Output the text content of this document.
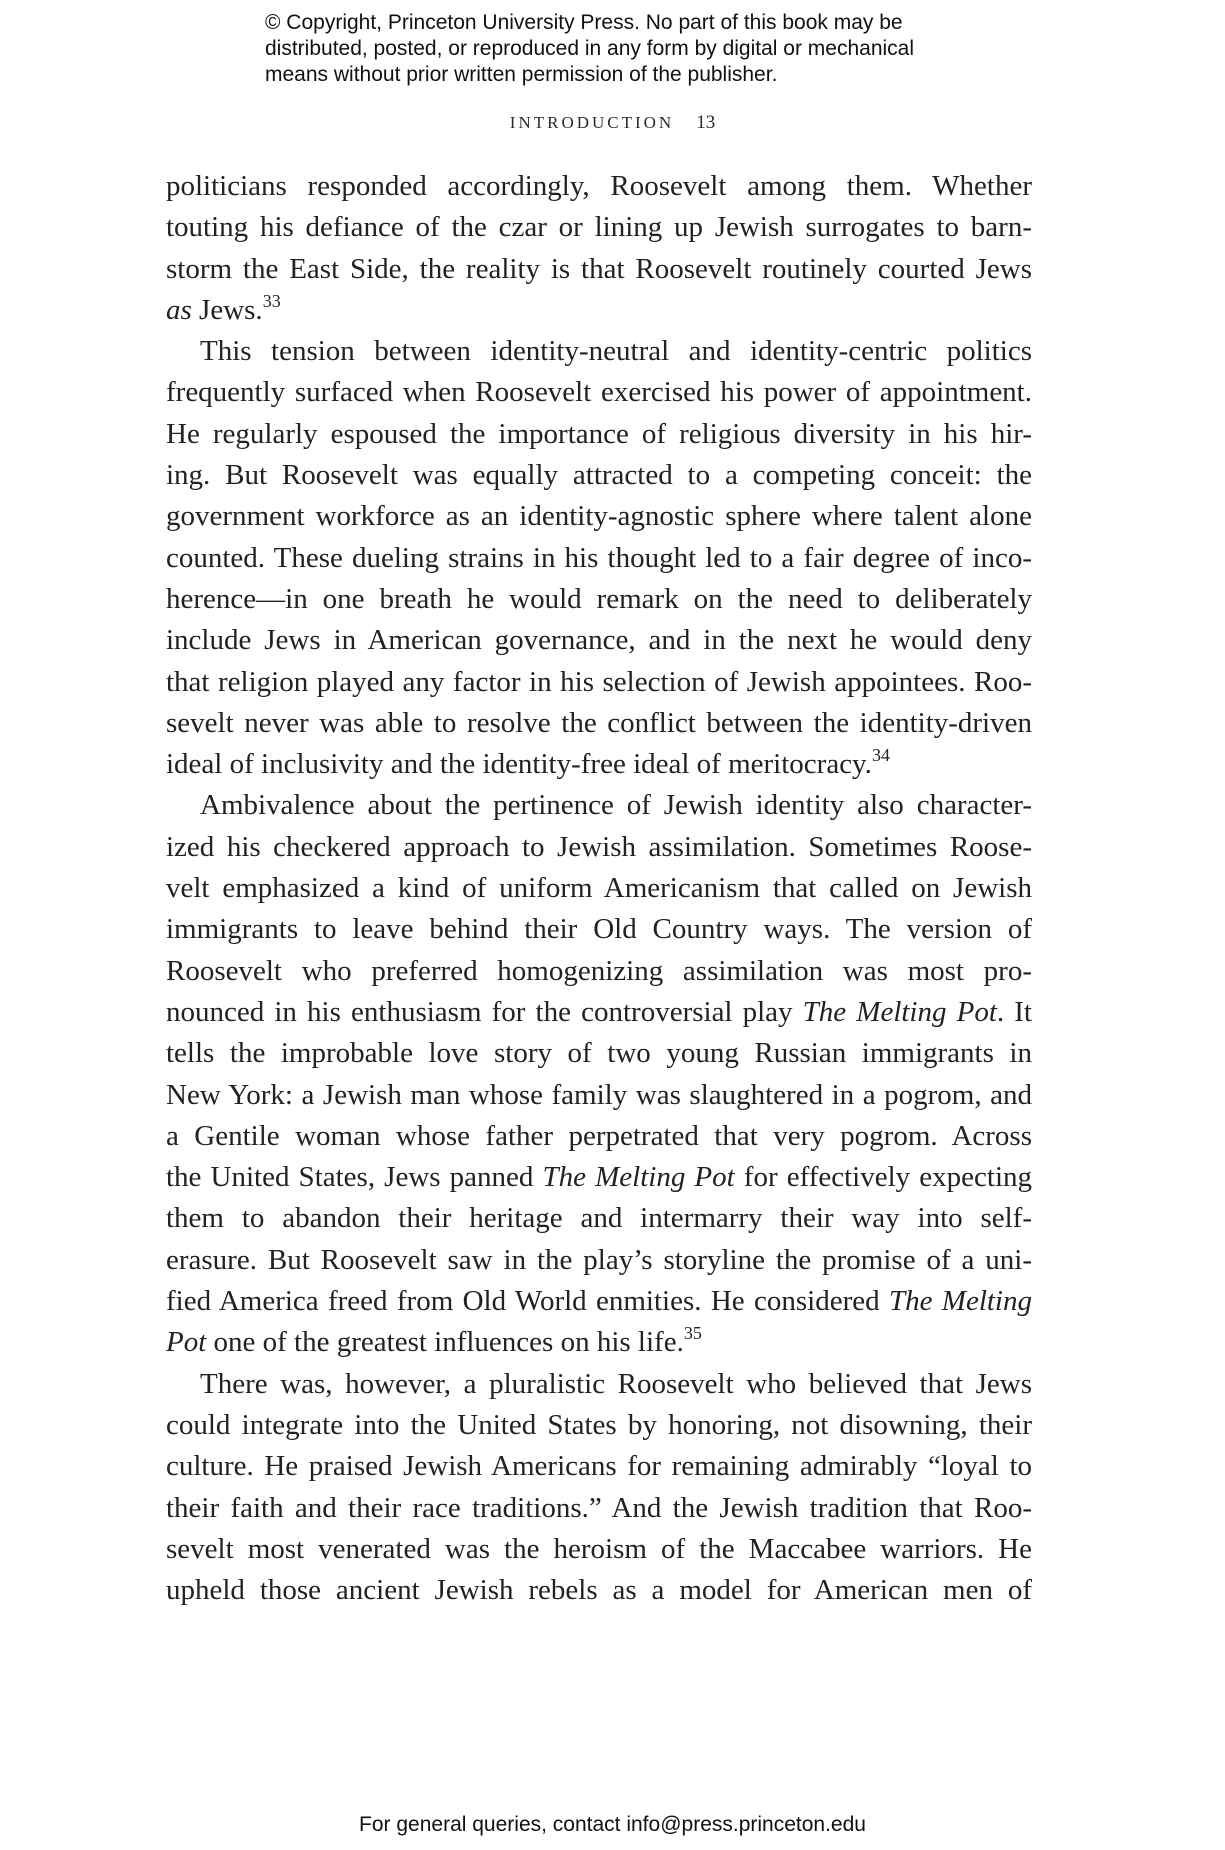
© Copyright, Princeton University Press. No part of this book may be
distributed, posted, or reproduced in any form by digital or mechanical
means without prior written permission of the publisher.
INTRODUCTION 13
politicians responded accordingly, Roosevelt among them. Whether
touting his defiance of the czar or lining up Jewish surrogates to barn-
storm the East Side, the reality is that Roosevelt routinely courted Jews
as Jews.$^{33}$
This tension between identity-neutral and identity-centric politics
frequently surfaced when Roosevelt exercised his power of appointment.
He regularly espoused the importance of religious diversity in his hir-
ing. But Roosevelt was equally attracted to a competing conceit: the
government workforce as an identity-agnostic sphere where talent alone
counted. These dueling strains in his thought led to a fair degree of inco-
herence—in one breath he would remark on the need to deliberately
include Jews in American governance, and in the next he would deny
that religion played any factor in his selection of Jewish appointees. Roo-
sevelt never was able to resolve the conflict between the identity-driven
ideal of inclusivity and the identity-free ideal of meritocracy.$^{34}$
Ambivalence about the pertinence of Jewish identity also character-
ized his checkered approach to Jewish assimilation. Sometimes Roose-
velt emphasized a kind of uniform Americanism that called on Jewish
immigrants to leave behind their Old Country ways. The version of
Roosevelt who preferred homogenizing assimilation was most pro-
nounced in his enthusiasm for the controversial play The Melting Pot. It
tells the improbable love story of two young Russian immigrants in
New York: a Jewish man whose family was slaughtered in a pogrom, and
a Gentile woman whose father perpetrated that very pogrom. Across
the United States, Jews panned The Melting Pot for effectively expecting
them to abandon their heritage and intermarry their way into self-
erasure. But Roosevelt saw in the play’s storyline the promise of a uni-
fied America freed from Old World enmities. He considered The Melting
Pot one of the greatest influences on his life.$^{35}$
There was, however, a pluralistic Roosevelt who believed that Jews
could integrate into the United States by honoring, not disowning, their
culture. He praised Jewish Americans for remaining admirably “loyal to
their faith and their race traditions.” And the Jewish tradition that Roo-
sevelt most venerated was the heroism of the Maccabee warriors. He
upheld those ancient Jewish rebels as a model for American men of
For general queries, contact info@press.princeton.edu
